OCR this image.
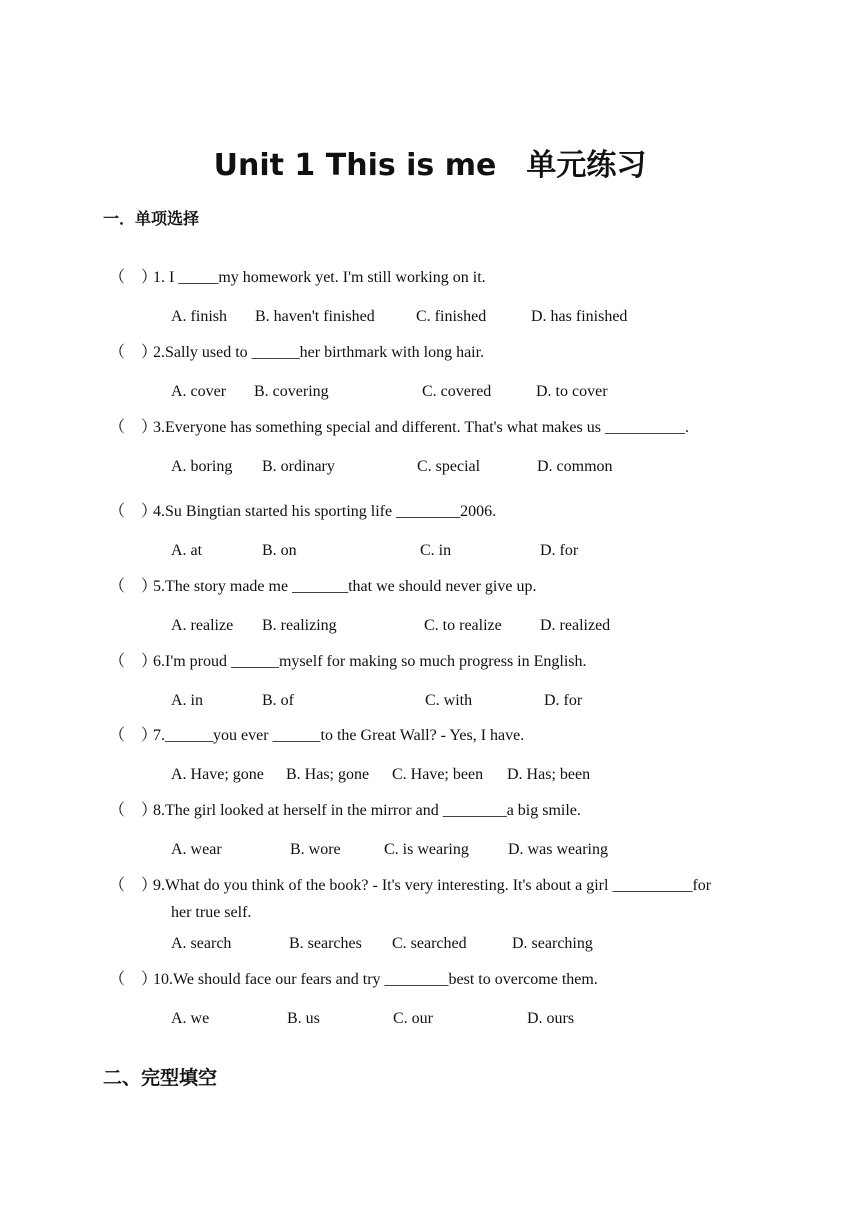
Unit 1 This is me　单元练习
一．单项选择
（　）1. I _____my homework yet. I'm still working on it.
A. finish B. haven't finished	C. finished	D. has finished
（　）2.Sally used to ______her birthmark with long hair.
A. cover B. covering	C. covered	D. to cover
（　）3.Everyone has something special and different. That's what makes us __________.
A. boring B. ordinary	C. special	D. common
（　）4.Su Bingtian started his sporting life ________2006.
A. at	B. on	C. in	D. for
（　）5.The story made me _______that we should never give up.
A. realize B. realizing	C. to realize D. realized
（　）6.I'm proud ______myself for making so much progress in English.
A. in	B. of	C. with	D. for
（　）7.______you ever ______to the Great Wall? - Yes, I have.
A. Have; gone B. Has; gone C. Have; been D. Has; been
（　）8.The girl looked at herself in the mirror and ________a big smile.
A. wear	B. wore	C. is wearing D. was wearing
（　）9.What do you think of the book? - It's very interesting. It's about a girl __________for
her true self.
A. search	B. searches C. searched	D. searching
（　）10.We should face our fears and try ________best to overcome them.
A. we	B. us	C. our	D. ours
二、完型填空
